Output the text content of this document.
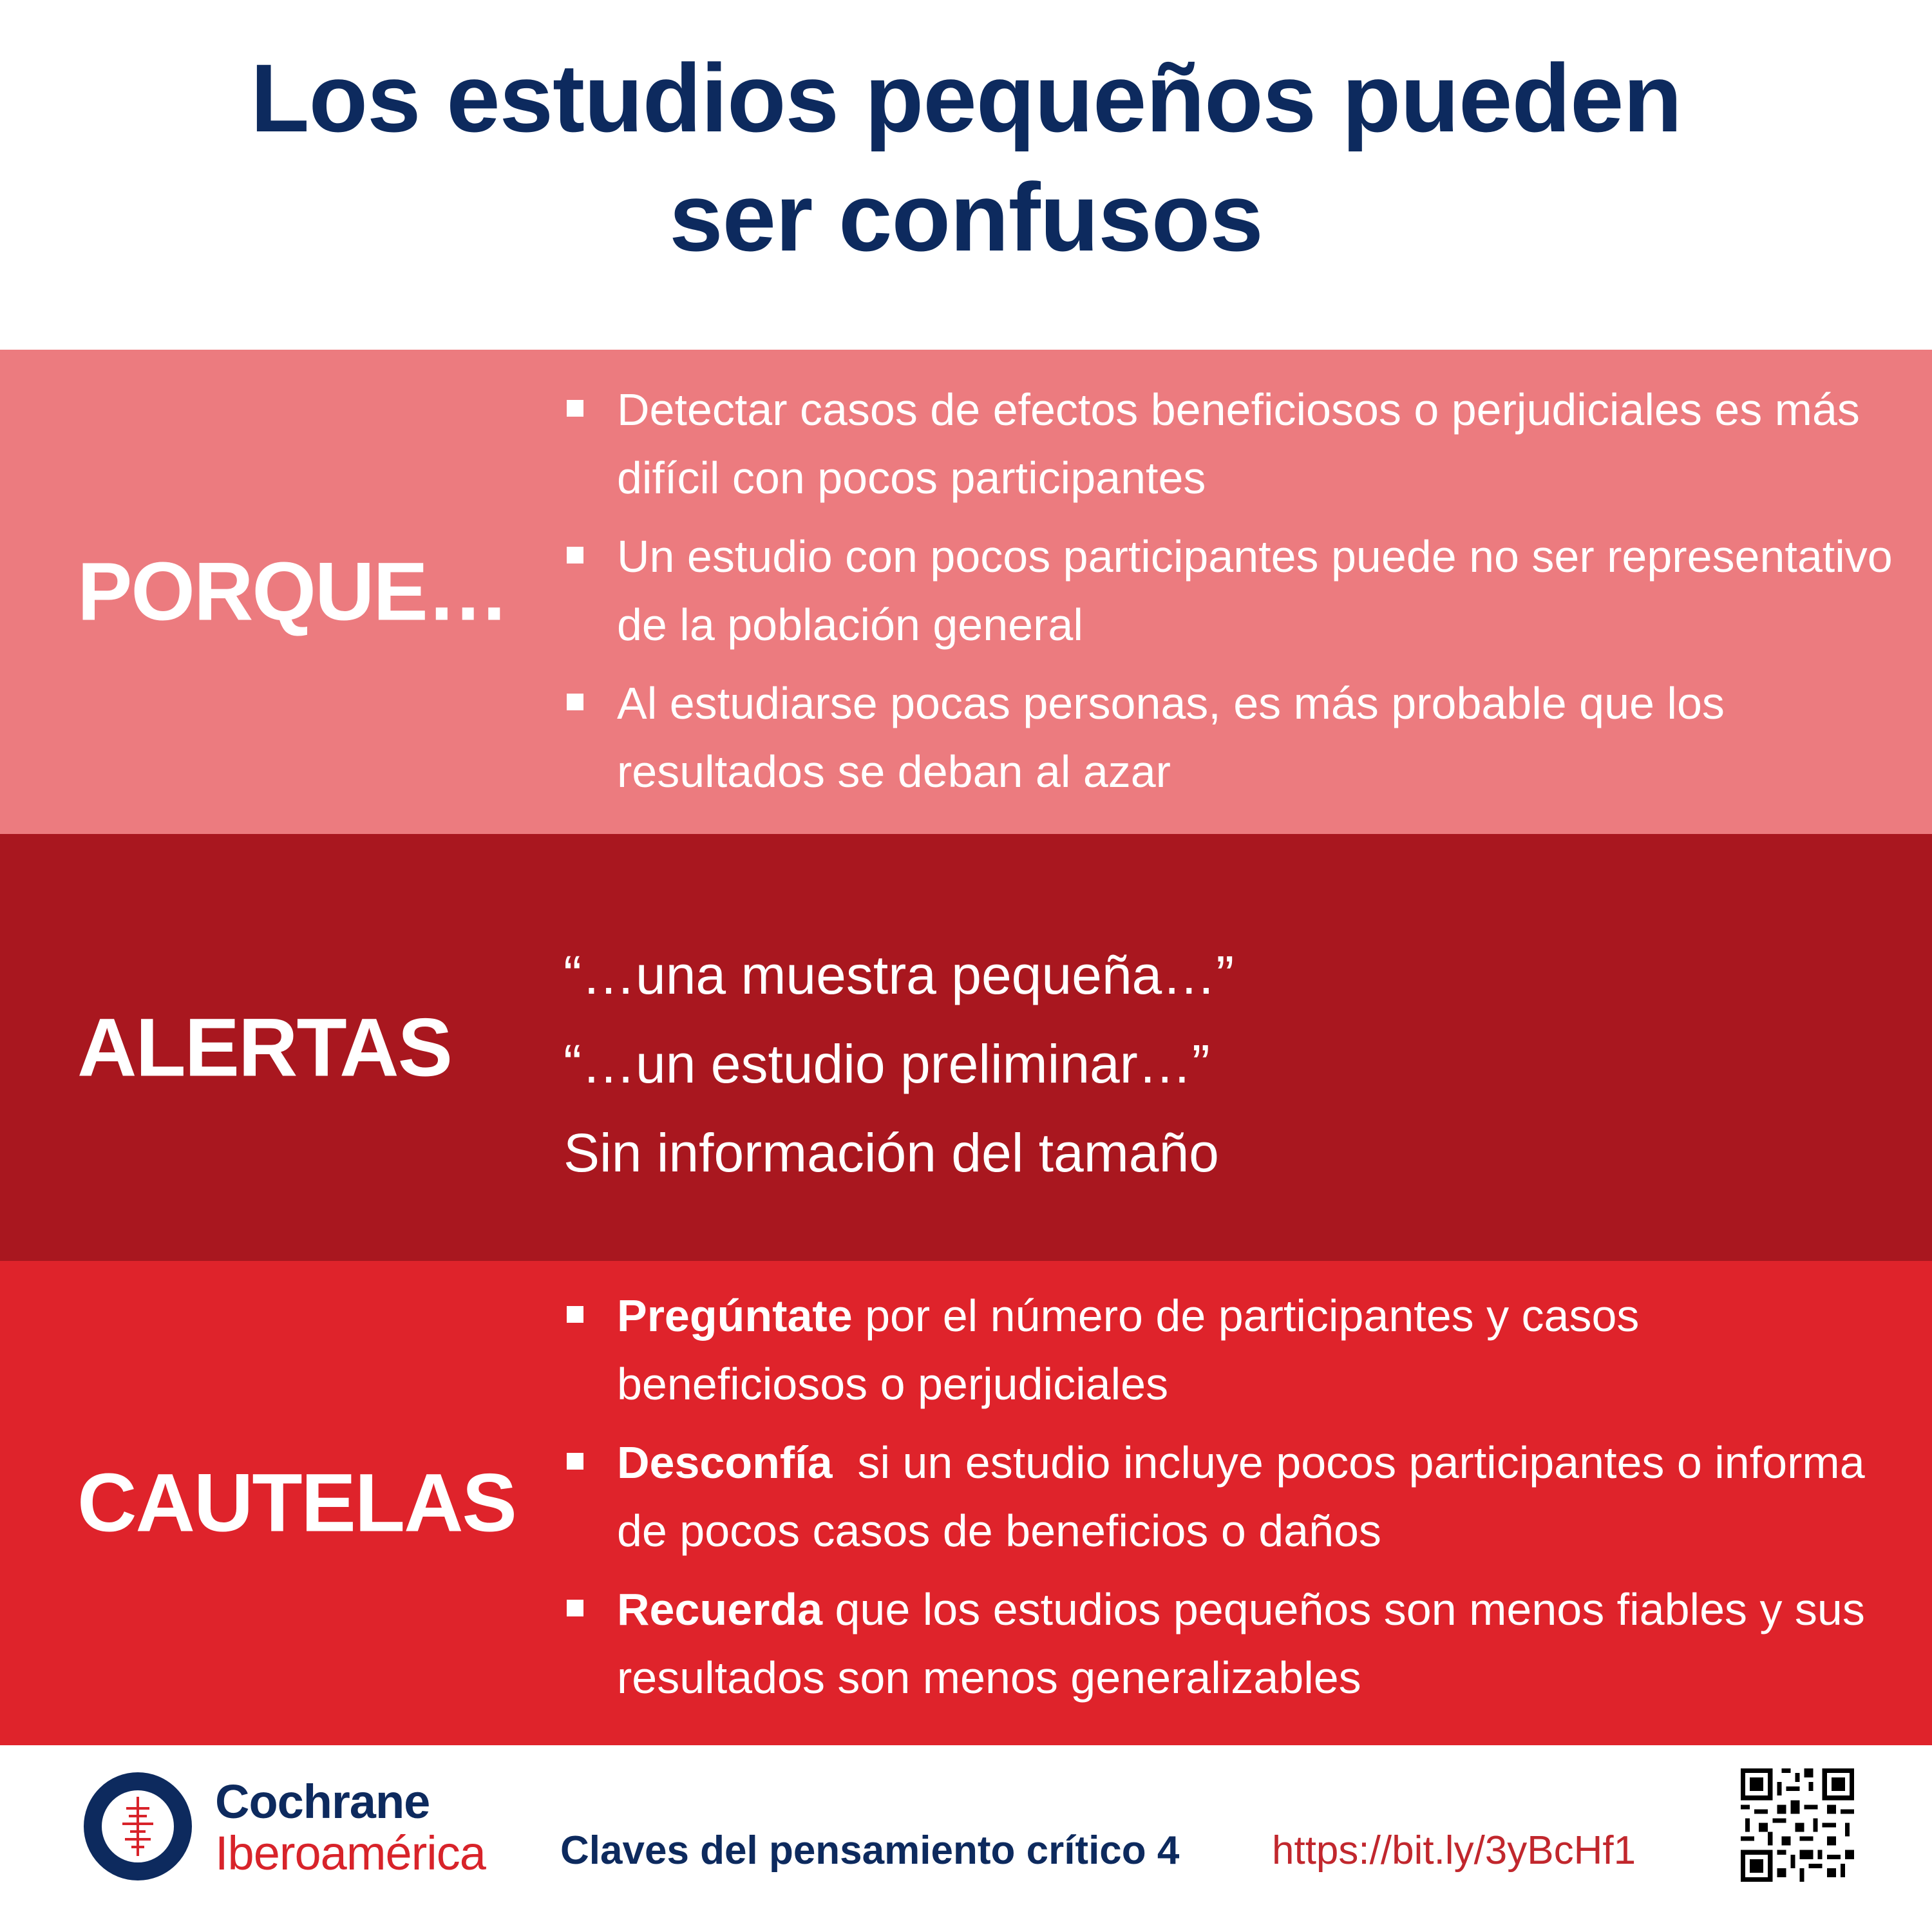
Los estudios pequeños pueden
ser confusos
PORQUE…
Detectar casos de efectos beneficiosos o perjudiciales es más difícil con pocos participantes
Un estudio con pocos participantes puede no ser representativo de la población general
Al estudiarse pocas personas, es más probable que los resultados se deban al azar
ALERTAS
“…una muestra pequeña…”
“…un estudio preliminar…”
Sin información del tamaño
CAUTELAS
Pregúntate por el número de participantes y casos beneficiosos o perjudiciales
Desconfía  si un estudio incluye pocos participantes o informa de pocos casos de beneficios o daños
Recuerda que los estudios pequeños son menos fiables y sus resultados son menos generalizables
Cochrane
Iberoamérica Claves del pensamiento crítico 4 https://bit.ly/3yBcHf1
